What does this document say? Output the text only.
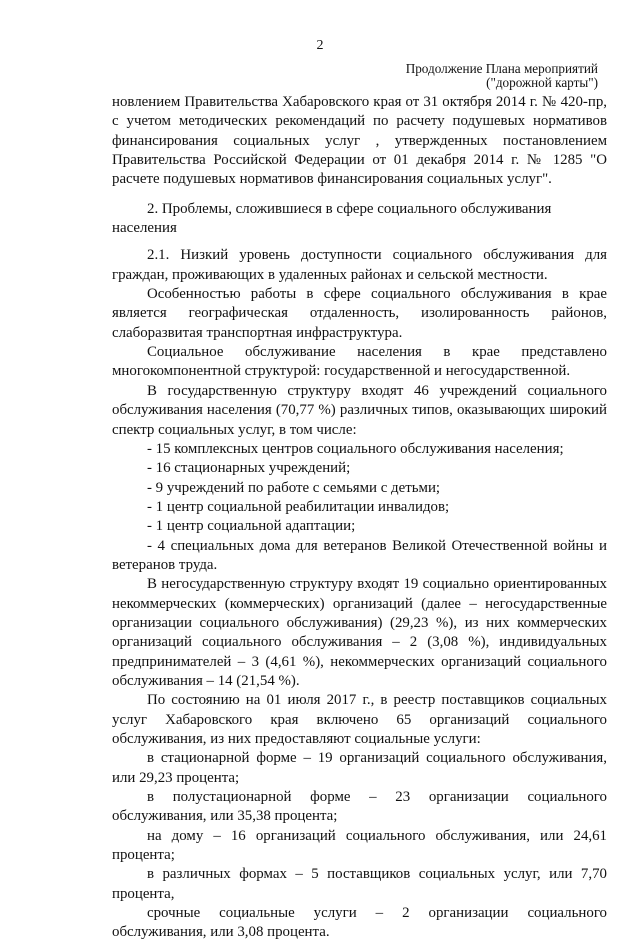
2
Продолжение Плана мероприятий
("дорожной карты")

новлением Правительства Хабаровского края от 31 октября 2014 г. № 420-пр, с учетом методических рекомендаций по расчету подушевых нормативов финансирования социальных услуг , утвержденных постановлением Правительства Российской Федерации от 01 декабря 2014 г. № 1285 "О расчете подушевых нормативов финансирования социальных услуг".

2. Проблемы, сложившиеся в сфере социального обслуживания населения

2.1. Низкий уровень доступности социального обслуживания для граждан, проживающих в удаленных районах и сельской местности.

Особенностью работы в сфере социального обслуживания в крае является географическая отдаленность, изолированность районов, слаборазвитая транспортная инфраструктура.

Социальное обслуживание населения в крае представлено многокомпонентной структурой: государственной и негосударственной.

В государственную структуру входят 46 учреждений социального обслуживания населения (70,77 %) различных типов, оказывающих широкий спектр социальных услуг, в том числе:

- 15 комплексных центров социального обслуживания населения;

- 16 стационарных учреждений;

- 9 учреждений по работе с семьями с детьми;

- 1 центр социальной реабилитации инвалидов;

- 1 центр социальной адаптации;

- 4 специальных дома для ветеранов Великой Отечественной войны и ветеранов труда.

В негосударственную структуру входят 19 социально ориентированных некоммерческих (коммерческих) организаций (далее – негосударственные организации социального обслуживания) (29,23 %), из них коммерческих организаций социального обслуживания – 2 (3,08 %), индивидуальных предпринимателей – 3 (4,61 %), некоммерческих организаций социального обслуживания – 14 (21,54 %).

По состоянию на 01 июля 2017 г., в реестр поставщиков социальных услуг Хабаровского края включено 65 организаций социального обслуживания, из них предоставляют социальные услуги:

в стационарной форме – 19 организаций социального обслуживания, или 29,23 процента;

в полустационарной форме – 23 организации социального обслуживания, или 35,38 процента;

на дому – 16 организаций социального обслуживания, или 24,61 процента;

в различных формах – 5 поставщиков социальных услуг, или 7,70 процента,

срочные социальные услуги – 2 организации социального обслуживания, или 3,08 процента.
